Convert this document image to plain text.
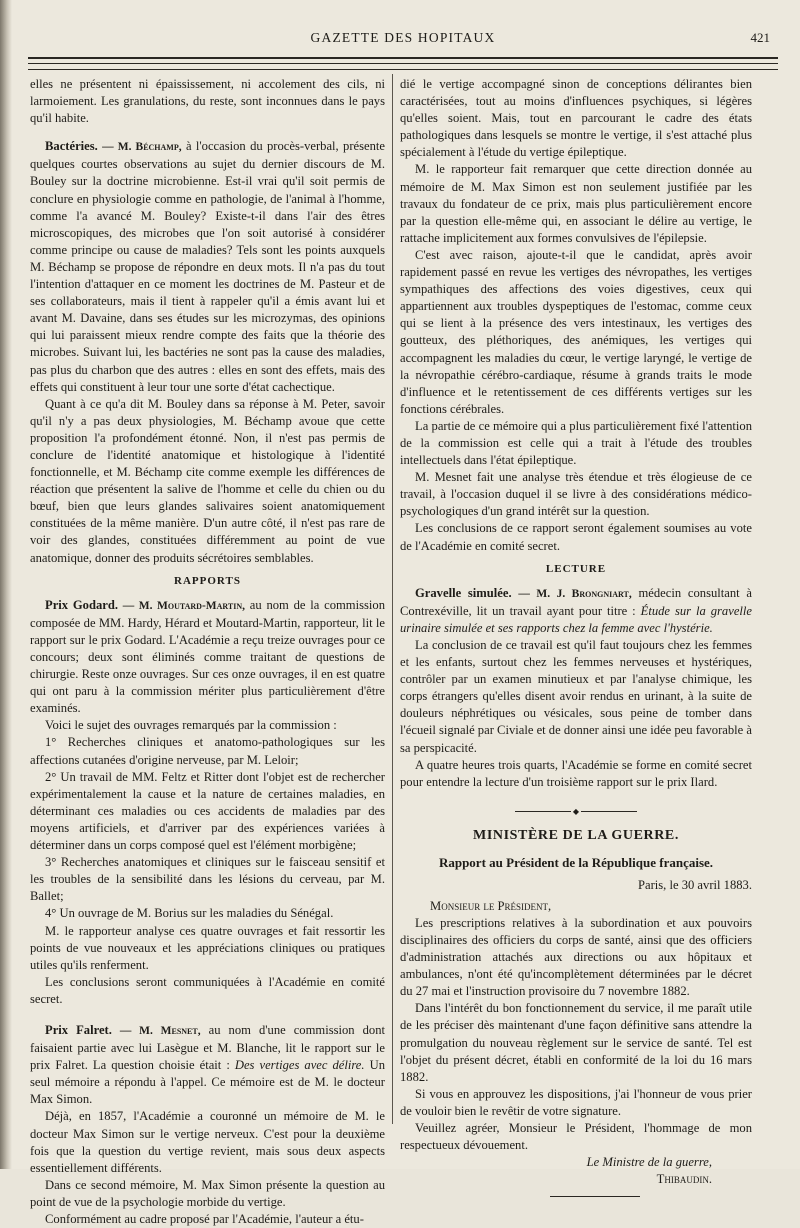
GAZETTE DES HOPITAUX	421

elles ne présentent ni épaississement, ni accolement des cils, ni larmoiement. Les granulations, du reste, sont inconnues dans le pays qu'il habite.

Bactéries. — M. Béchamp, à l'occasion du procès-verbal, présente quelques courtes observations au sujet du dernier discours de M. Bouley sur la doctrine microbienne. Est-il vrai qu'il soit permis de conclure en physiologie comme en pathologie, de l'animal à l'homme, comme l'a avancé M. Bouley? Existe-t-il dans l'air des êtres microscopiques, des microbes que l'on soit autorisé à considérer comme principe ou cause de maladies? Tels sont les points auxquels M. Béchamp se propose de répondre en deux mots. Il n'a pas du tout l'intention d'attaquer en ce moment les doctrines de M. Pasteur et de ses collaborateurs, mais il tient à rappeler qu'il a émis avant lui et avant M. Davaine, dans ses études sur les microzymas, des opinions qui lui paraissent mieux rendre compte des faits que la théorie des microbes. Suivant lui, les bactéries ne sont pas la cause des maladies, pas plus du charbon que des autres : elles en sont des effets, mais des effets qui constituent à leur tour une sorte d'état cachectique.

Quant à ce qu'a dit M. Bouley dans sa réponse à M. Peter, savoir qu'il n'y a pas deux physiologies, M. Béchamp avoue que cette proposition l'a profondément étonné. Non, il n'est pas permis de conclure de l'identité anatomique et histologique à l'identité fonctionnelle, et M. Béchamp cite comme exemple les différences de réaction que présentent la salive de l'homme et celle du chien ou du bœuf, bien que leurs glandes salivaires soient anatomiquement constituées de la même manière. D'un autre côté, il n'est pas rare de voir des glandes, constituées différemment au point de vue anatomique, donner des produits sécrétoires semblables.

RAPPORTS

Prix Godard. — M. Moutard-Martin, au nom de la commission composée de MM. Hardy, Hérard et Moutard-Martin, rapporteur, lit le rapport sur le prix Godard. L'Académie a reçu treize ouvrages pour ce concours; deux sont éliminés comme traitant de questions de chirurgie. Reste onze ouvrages. Sur ces onze ouvrages, il en est quatre qui ont paru à la commission mériter plus particulièrement d'être examinés.

Voici le sujet des ouvrages remarqués par la commission :

1° Recherches cliniques et anatomo-pathologiques sur les affections cutanées d'origine nerveuse, par M. Leloir;

2° Un travail de MM. Feltz et Ritter dont l'objet est de rechercher expérimentalement la cause et la nature de certaines maladies, en déterminant ces maladies ou ces accidents de maladies par des moyens artificiels, et d'arriver par des expériences variées à déterminer dans un corps composé quel est l'élément morbigène;

3° Recherches anatomiques et cliniques sur le faisceau sensitif et les troubles de la sensibilité dans les lésions du cerveau, par M. Ballet;

4° Un ouvrage de M. Borius sur les maladies du Sénégal.

M. le rapporteur analyse ces quatre ouvrages et fait ressortir les points de vue nouveaux et les appréciations cliniques ou pratiques utiles qu'ils renferment.

Les conclusions seront communiquées à l'Académie en comité secret.

Prix Falret. — M. Mesnet, au nom d'une commission dont faisaient partie avec lui Lasègue et M. Blanche, lit le rapport sur le prix Falret. La question choisie était : Des vertiges avec délire. Un seul mémoire a répondu à l'appel. Ce mémoire est de M. le docteur Max Simon.

Déjà, en 1857, l'Académie a couronné un mémoire de M. le docteur Max Simon sur le vertige nerveux. C'est pour la deuxième fois que la question du vertige revient, mais sous deux aspects essentiellement différents.

Dans ce second mémoire, M. Max Simon présente la question au point de vue de la psychologie morbide du vertige.

Conformément au cadre proposé par l'Académie, l'auteur a étu-

dié le vertige accompagné sinon de conceptions délirantes bien caractérisées, tout au moins d'influences psychiques, si légères qu'elles soient. Mais, tout en parcourant le cadre des états pathologiques dans lesquels se montre le vertige, il s'est attaché plus spécialement à l'étude du vertige épileptique.

M. le rapporteur fait remarquer que cette direction donnée au mémoire de M. Max Simon est non seulement justifiée par les travaux du fondateur de ce prix, mais plus particulièrement encore par la question elle-même qui, en associant le délire au vertige, le rattache implicitement aux formes convulsives de l'épilepsie.

C'est avec raison, ajoute-t-il que le candidat, après avoir rapidement passé en revue les vertiges des névropathes, les vertiges sympathiques des affections des voies digestives, ceux qui appartiennent aux troubles dyspeptiques de l'estomac, comme ceux qui se lient à la présence des vers intestinaux, les vertiges des goutteux, des pléthoriques, des anémiques, les vertiges qui accompagnent les maladies du cœur, le vertige laryngé, le vertige de la névropathie cérébro-cardiaque, résume à grands traits le mode d'influence et le retentissement de ces différents vertiges sur les fonctions cérébrales.

La partie de ce mémoire qui a plus particulièrement fixé l'attention de la commission est celle qui a trait à l'étude des troubles intellectuels dans l'état épileptique.

M. Mesnet fait une analyse très étendue et très élogieuse de ce travail, à l'occasion duquel il se livre à des considérations médico-psychologiques d'un grand intérêt sur la question.

Les conclusions de ce rapport seront également soumises au vote de l'Académie en comité secret.

LECTURE

Gravelle simulée. — M. J. Brongniart, médecin consultant à Contrexéville, lit un travail ayant pour titre : Étude sur la gravelle urinaire simulée et ses rapports chez la femme avec l'hystérie.

La conclusion de ce travail est qu'il faut toujours chez les femmes et les enfants, surtout chez les femmes nerveuses et hystériques, contrôler par un examen minutieux et par l'analyse chimique, les corps étrangers qu'elles disent avoir rendus en urinant, à la suite de douleurs néphrétiques ou vésicales, sous peine de tomber dans l'écueil signalé par Civiale et de donner ainsi une idée peu favorable à sa perspicacité.

A quatre heures trois quarts, l'Académie se forme en comité secret pour entendre la lecture d'un troisième rapport sur le prix Ilard.

◆
MINISTÈRE DE LA GUERRE.
Rapport au Président de la République française.

Paris, le 30 avril 1883.

Monsieur le Président,

Les prescriptions relatives à la subordination et aux pouvoirs disciplinaires des officiers du corps de santé, ainsi que des officiers d'administration attachés aux directions ou aux hôpitaux et ambulances, n'ont été qu'incomplètement déterminées par le décret du 27 mai et l'instruction provisoire du 7 novembre 1882.

Dans l'intérêt du bon fonctionnement du service, il me paraît utile de les préciser dès maintenant d'une façon définitive sans attendre la promulgation du nouveau règlement sur le service de santé. Tel est l'objet du présent décret, établi en conformité de la loi du 16 mars 1882.

Si vous en approuvez les dispositions, j'ai l'honneur de vous prier de vouloir bien le revêtir de votre signature.

Veuillez agréer, Monsieur le Président, l'hommage de mon respectueux dévouement.

Le Ministre de la guerre,

Thibaudin.
